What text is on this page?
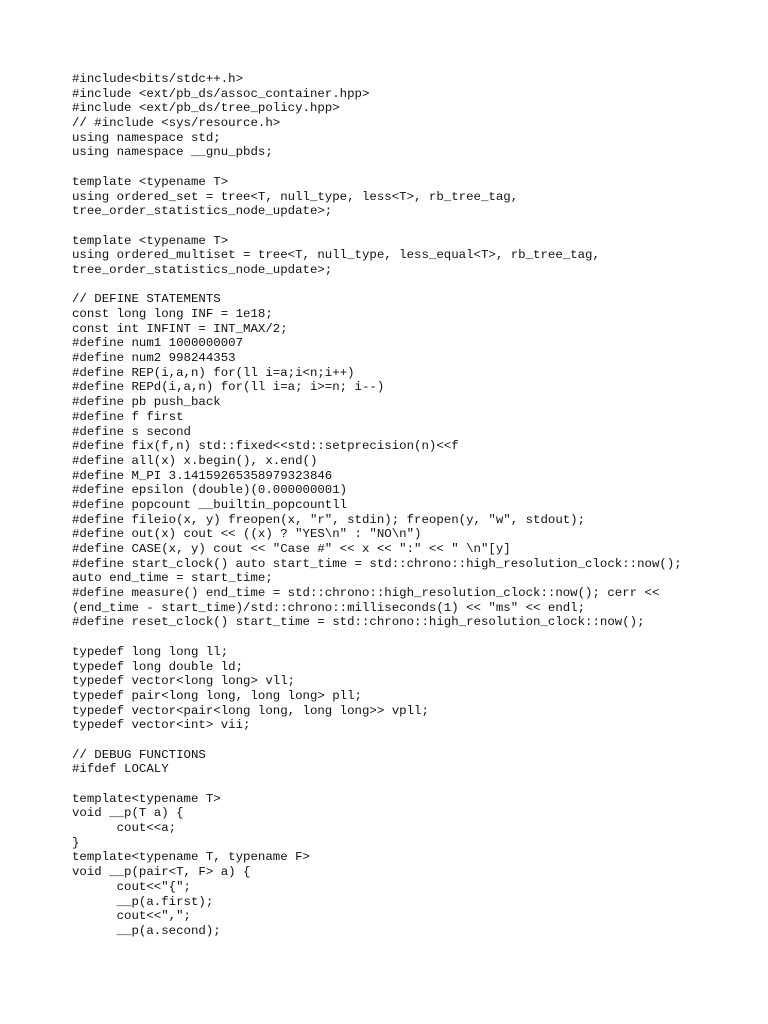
#include<bits/stdc++.h>
#include <ext/pb_ds/assoc_container.hpp>
#include <ext/pb_ds/tree_policy.hpp>
// #include <sys/resource.h>
using namespace std;
using namespace __gnu_pbds;
template <typename T>
using ordered_set = tree<T, null_type, less<T>, rb_tree_tag,
tree_order_statistics_node_update>;
template <typename T>
using ordered_multiset = tree<T, null_type, less_equal<T>, rb_tree_tag,
tree_order_statistics_node_update>;
// DEFINE STATEMENTS
const long long INF = 1e18;
const int INFINT = INT_MAX/2;
#define num1 1000000007
#define num2 998244353
#define REP(i,a,n) for(ll i=a;i<n;i++)
#define REPd(i,a,n) for(ll i=a; i>=n; i--)
#define pb push_back
#define f first
#define s second
#define fix(f,n) std::fixed<<std::setprecision(n)<<f
#define all(x) x.begin(), x.end()
#define M_PI 3.14159265358979323846
#define epsilon (double)(0.000000001)
#define popcount __builtin_popcountll
#define fileio(x, y) freopen(x, "r", stdin); freopen(y, "w", stdout);
#define out(x) cout << ((x) ? "YES\n" : "NO\n")
#define CASE(x, y) cout << "Case #" << x << ":" << " \n"[y]
#define start_clock() auto start_time = std::chrono::high_resolution_clock::now();
auto end_time = start_time;
#define measure() end_time = std::chrono::high_resolution_clock::now(); cerr <<
(end_time - start_time)/std::chrono::milliseconds(1) << "ms" << endl;
#define reset_clock() start_time = std::chrono::high_resolution_clock::now();
typedef long long ll;
typedef long double ld;
typedef vector<long long> vll;
typedef pair<long long, long long> pll;
typedef vector<pair<long long, long long>> vpll;
typedef vector<int> vii;
// DEBUG FUNCTIONS
#ifdef LOCALY
template<typename T>
void __p(T a) {
cout<<a;
}
template<typename T, typename F>
void __p(pair<T, F> a) {
cout<<"{";
__p(a.first);
cout<<",";
__p(a.second);
